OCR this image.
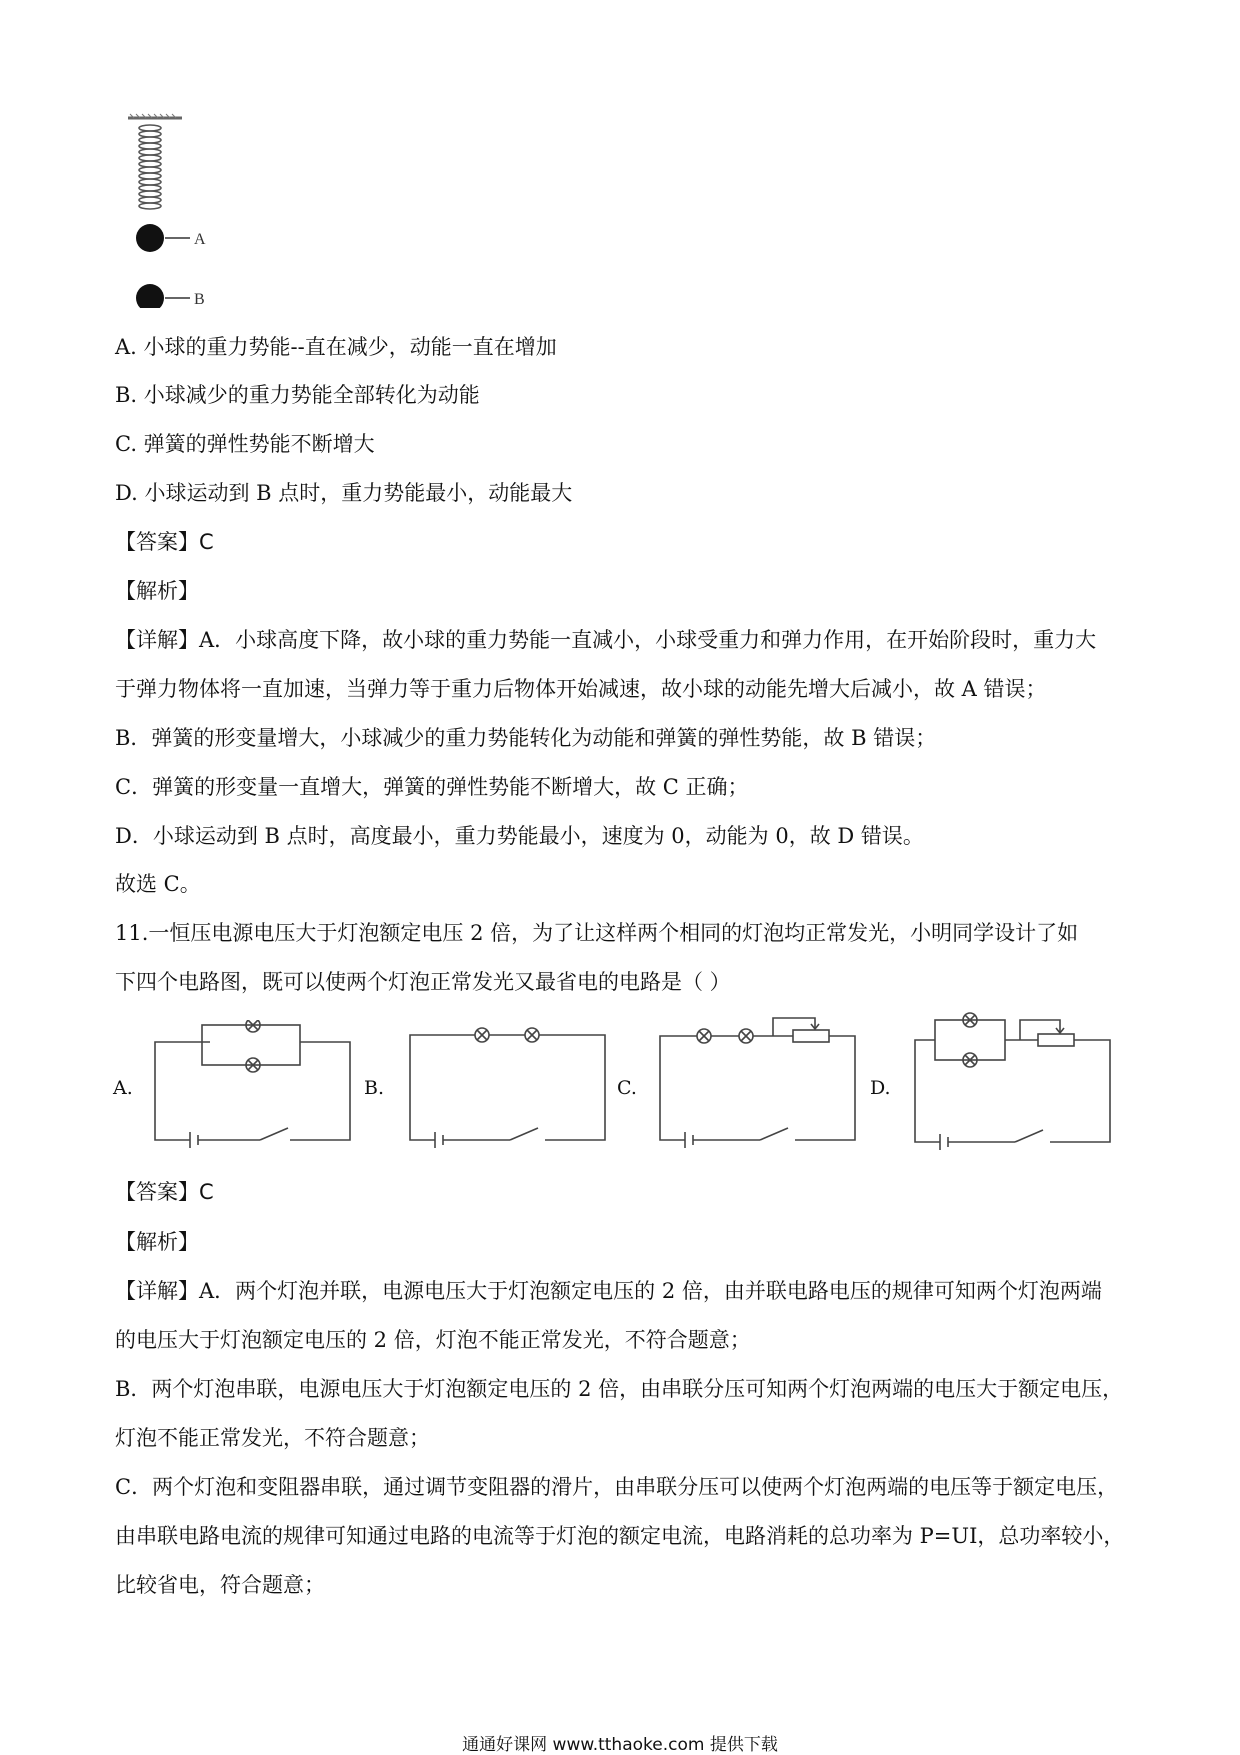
A
B
A. 小球的重力势能--直在减少，动能一直在增加
B. 小球减少的重力势能全部转化为动能
C. 弹簧的弹性势能不断增大
D. 小球运动到 B 点时，重力势能最小，动能最大
【答案】C
【解析】
【详解】A．小球高度下降，故小球的重力势能一直减小，小球受重力和弹力作用，在开始阶段时，重力大
于弹力物体将一直加速，当弹力等于重力后物体开始减速，故小球的动能先增大后减小，故 A 错误；
B．弹簧的形变量增大，小球减少的重力势能转化为动能和弹簧的弹性势能，故 B 错误；
C．弹簧的形变量一直增大，弹簧的弹性势能不断增大，故 C 正确；
D．小球运动到 B 点时，高度最小，重力势能最小，速度为 0，动能为 0，故 D 错误。
故选 C。
11.一恒压电源电压大于灯泡额定电压 2 倍，为了让这样两个相同的灯泡均正常发光，小明同学设计了如
下四个电路图，既可以使两个灯泡正常发光又最省电的电路是（ ）
A.	B.	C.	D.
【答案】C
【解析】
【详解】A．两个灯泡并联，电源电压大于灯泡额定电压的 2 倍，由并联电路电压的规律可知两个灯泡两端
的电压大于灯泡额定电压的 2 倍，灯泡不能正常发光，不符合题意；
B．两个灯泡串联，电源电压大于灯泡额定电压的 2 倍，由串联分压可知两个灯泡两端的电压大于额定电压，
灯泡不能正常发光，不符合题意；
C．两个灯泡和变阻器串联，通过调节变阻器的滑片，由串联分压可以使两个灯泡两端的电压等于额定电压，
由串联电路电流的规律可知通过电路的电流等于灯泡的额定电流，电路消耗的总功率为 P=UI，总功率较小，
比较省电，符合题意；
通通好课网 www.tthaoke.com 提供下载
